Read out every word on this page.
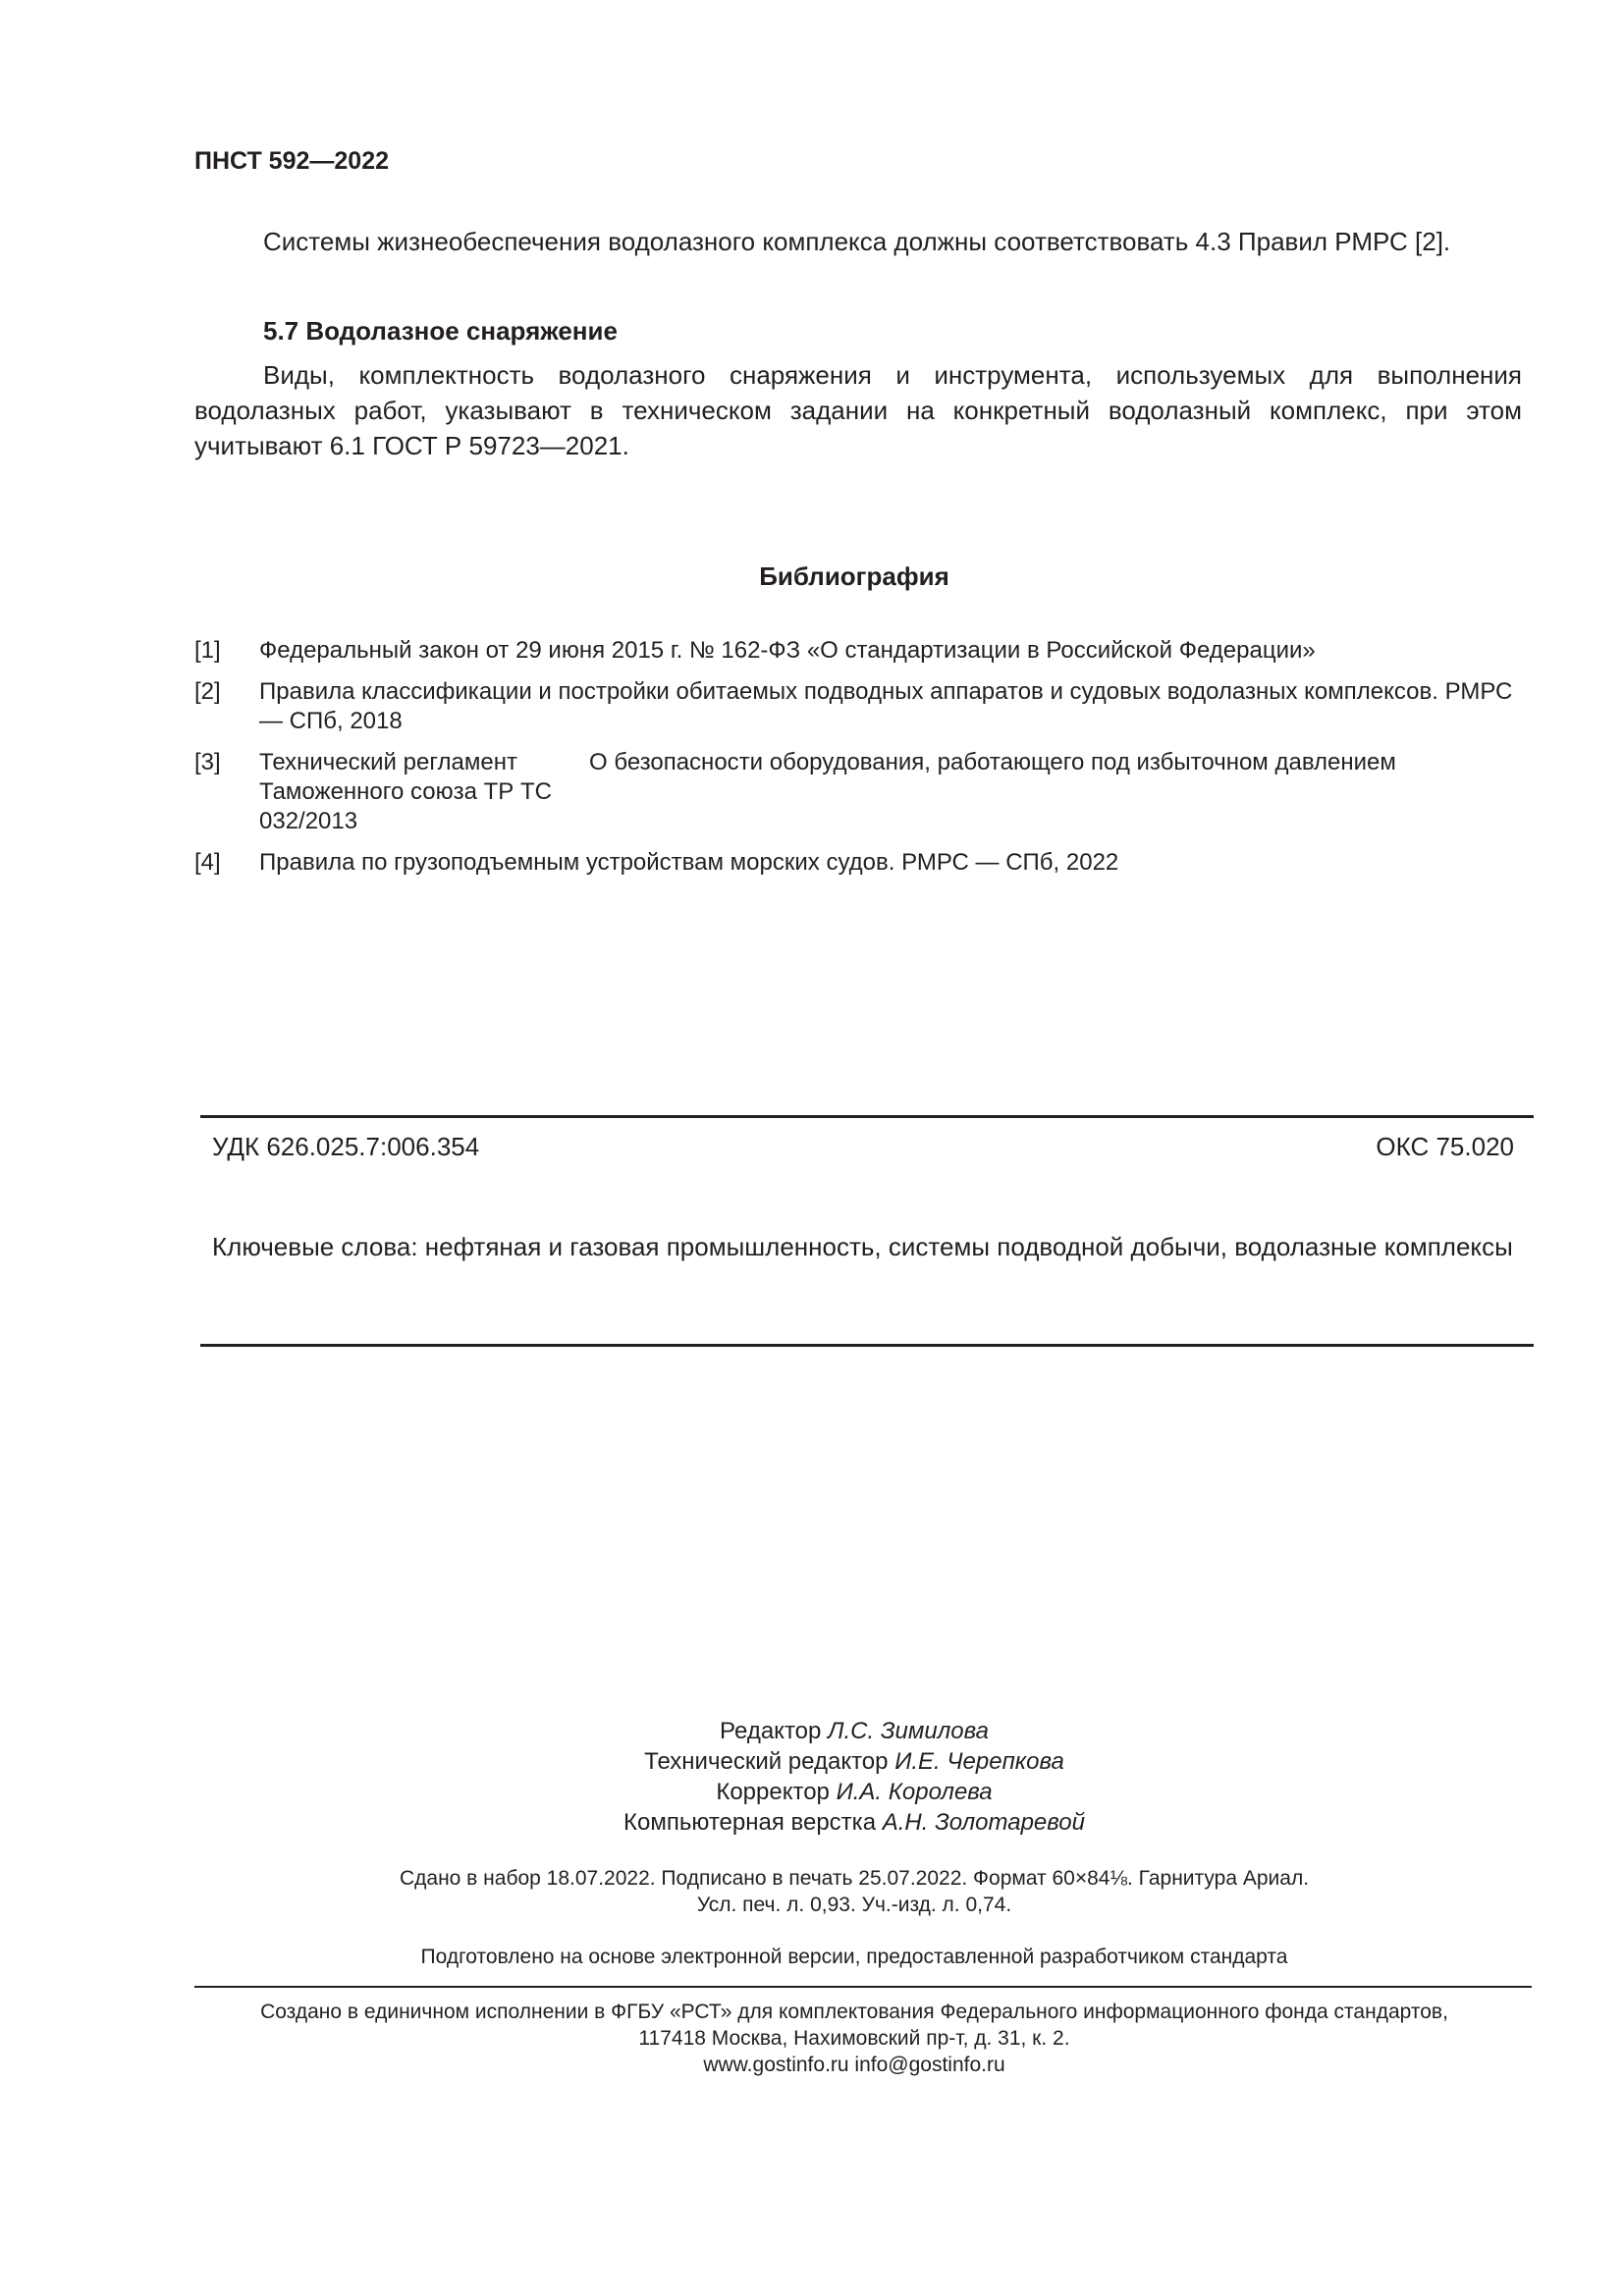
ПНСТ 592—2022
Системы жизнеобеспечения водолазного комплекса должны соответствовать 4.3 Правил РМРС [2].
5.7 Водолазное снаряжение
Виды, комплектность водолазного снаряжения и инструмента, используемых для выполнения водолазных работ, указывают в техническом задании на конкретный водолазный комплекс, при этом учитывают 6.1 ГОСТ Р 59723—2021.
Библиография
[1] Федеральный закон от 29 июня 2015 г. № 162-ФЗ «О стандартизации в Российской Федерации»
[2] Правила классификации и постройки обитаемых подводных аппаратов и судовых водолазных комплексов. РМРС — СПб, 2018
[3] Технический регламент Таможенного союза ТР ТС 032/2013
О безопасности оборудования, работающего под избыточном давлением
[4] Правила по грузоподъемным устройствам морских судов. РМРС — СПб, 2022
УДК 626.025.7:006.354	ОКС 75.020
Ключевые слова: нефтяная и газовая промышленность, системы подводной добычи, водолазные комплексы
Редактор Л.С. Зимилова
Технический редактор И.Е. Черепкова
Корректор И.А. Королева
Компьютерная верстка А.Н. Золотаревой
Сдано в набор 18.07.2022. Подписано в печать 25.07.2022. Формат 60×84⅛. Гарнитура Ариал.
Усл. печ. л. 0,93. Уч.-изд. л. 0,74.
Подготовлено на основе электронной версии, предоставленной разработчиком стандарта
Создано в единичном исполнении в ФГБУ «РСТ» для комплектования Федерального информационного фонда стандартов,
117418 Москва, Нахимовский пр-т, д. 31, к. 2.
www.gostinfo.ru info@gostinfo.ru
